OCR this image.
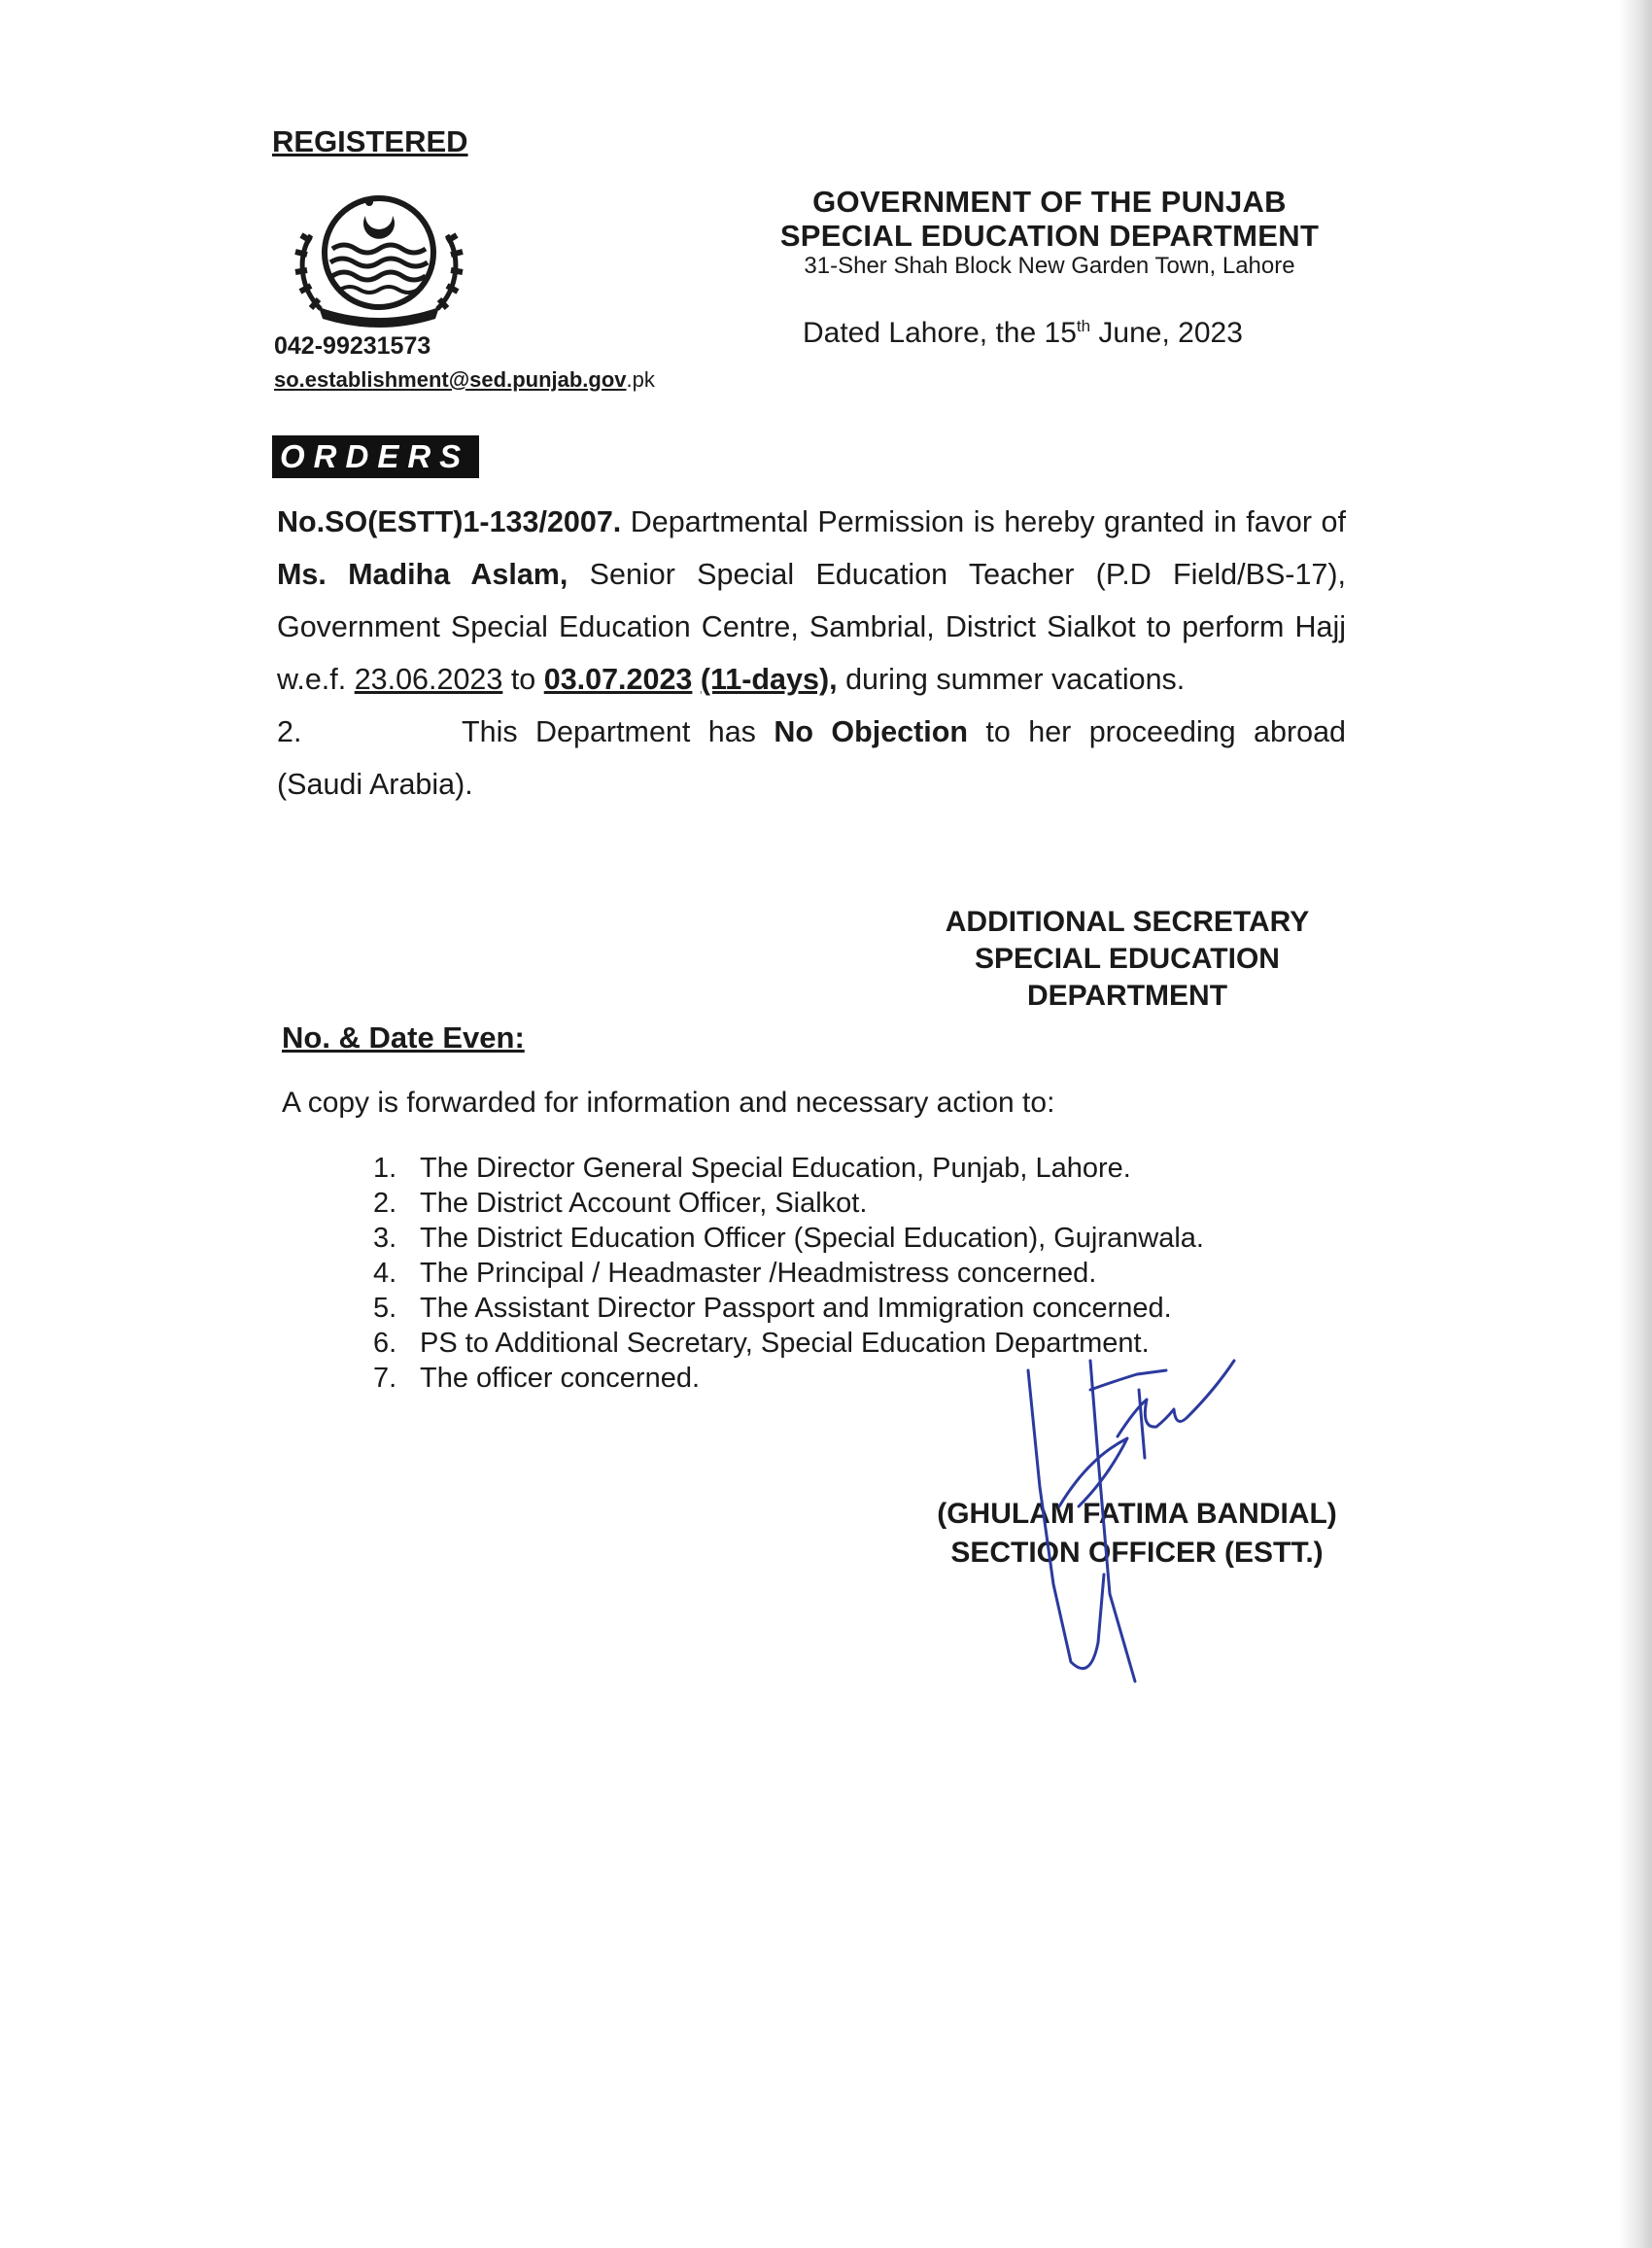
REGISTERED
042-99231573
so.establishment@sed.punjab.gov.pk
GOVERNMENT OF THE PUNJAB
SPECIAL EDUCATION DEPARTMENT
31-Sher Shah Block New Garden Town, Lahore
Dated Lahore, the 15th June, 2023
ORDERS
No.SO(ESTT)1-133/2007. Departmental Permission is hereby granted in favor of Ms. Madiha Aslam, Senior Special Education Teacher (P.D Field/BS-17), Government Special Education Centre, Sambrial, District Sialkot to perform Hajj w.e.f. 23.06.2023 to 03.07.2023 (11-days), during summer vacations.
2.	This Department has No Objection to her proceeding abroad (Saudi Arabia).
ADDITIONAL SECRETARY
SPECIAL EDUCATION
DEPARTMENT
No. & Date Even:
A copy is forwarded for information and necessary action to:
1. The Director General Special Education, Punjab, Lahore.
2. The District Account Officer, Sialkot.
3. The District Education Officer (Special Education), Gujranwala.
4. The Principal / Headmaster /Headmistress concerned.
5. The Assistant Director Passport and Immigration concerned.
6. PS to Additional Secretary, Special Education Department.
7. The officer concerned.
(GHULAM FATIMA BANDIAL)
SECTION OFFICER (ESTT.)
